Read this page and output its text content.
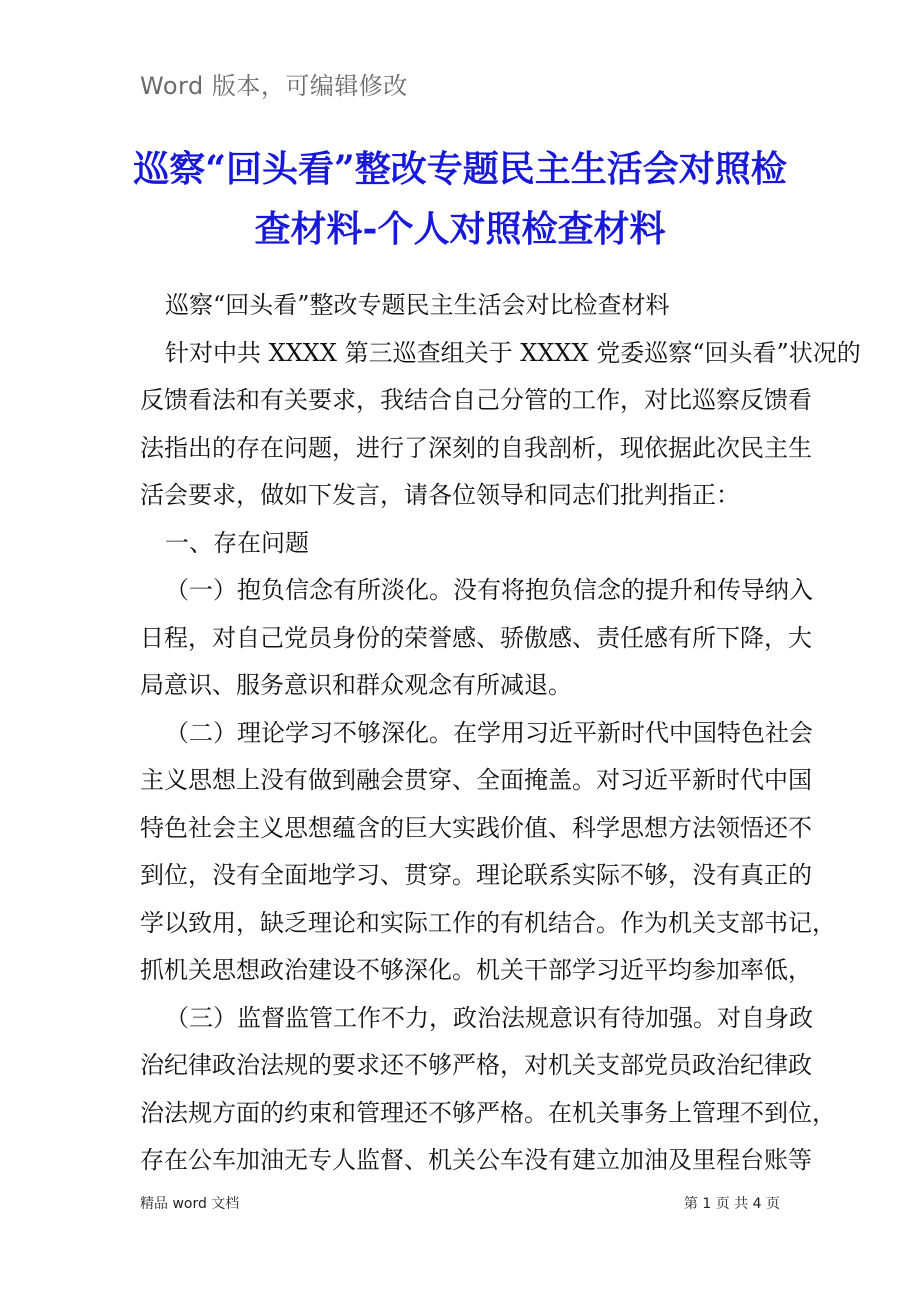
Word 版本，可编辑修改
巡察“回头看”整改专题民主生活会对照检
查材料-个人对照检查材料
巡察“回头看”整改专题民主生活会对比检查材料
针对中共 XXXX 第三巡查组关于 XXXX 党委巡察“回头看”状况的
反馈看法和有关要求，我结合自己分管的工作，对比巡察反馈看
法指出的存在问题，进行了深刻的自我剖析，现依据此次民主生
活会要求，做如下发言，请各位领导和同志们批判指正：
一、存在问题
（一）抱负信念有所淡化。没有将抱负信念的提升和传导纳入
日程，对自己党员身份的荣誉感、骄傲感、责任感有所下降，大
局意识、服务意识和群众观念有所减退。
（二）理论学习不够深化。在学用习近平新时代中国特色社会
主义思想上没有做到融会贯穿、全面掩盖。对习近平新时代中国
特色社会主义思想蕴含的巨大实践价值、科学思想方法领悟还不
到位，没有全面地学习、贯穿。理论联系实际不够，没有真正的
学以致用，缺乏理论和实际工作的有机结合。作为机关支部书记，
抓机关思想政治建设不够深化。机关干部学习近平均参加率低，
（三）监督监管工作不力，政治法规意识有待加强。对自身政
治纪律政治法规的要求还不够严格，对机关支部党员政治纪律政
治法规方面的约束和管理还不够严格。在机关事务上管理不到位，
存在公车加油无专人监督、机关公车没有建立加油及里程台账等
精品 word 文档	第 1 页 共 4 页
